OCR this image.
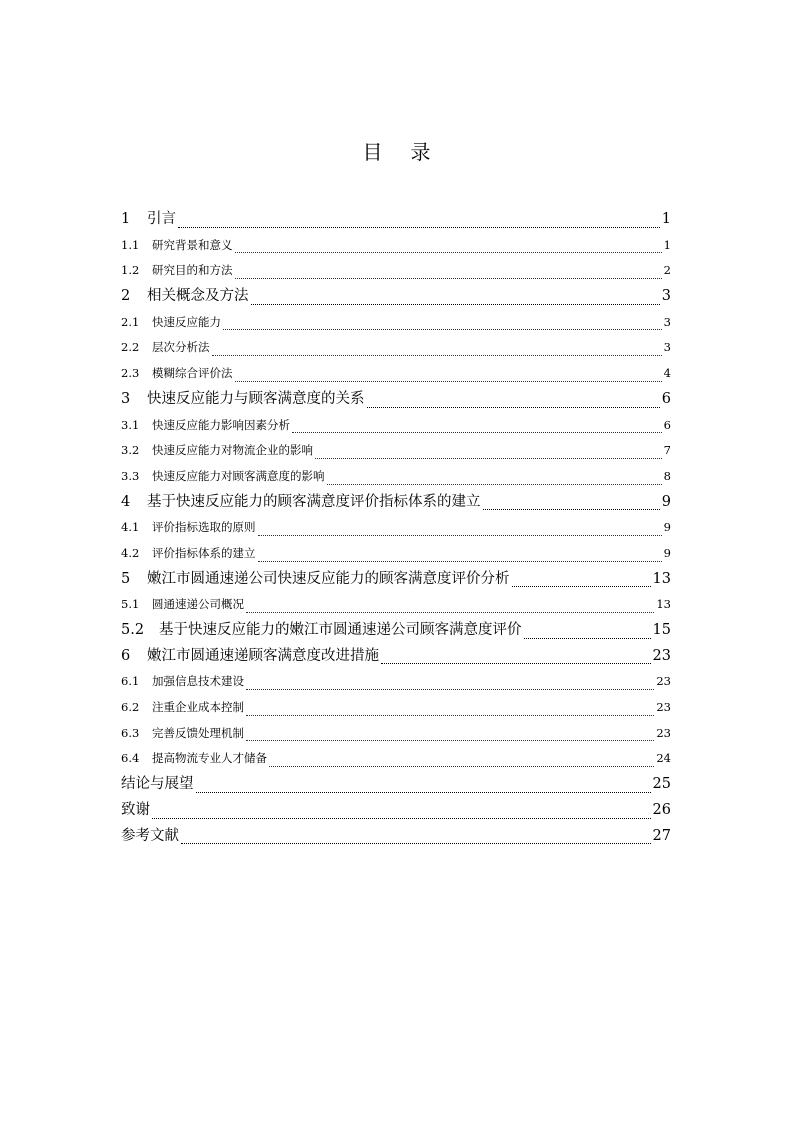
目录
1	引言	1
1.1	研究背景和意义	1
1.2	研究目的和方法	2
2	相关概念及方法	3
2.1	快速反应能力	3
2.2	层次分析法	3
2.3	模糊综合评价法	4
3	快速反应能力与顾客满意度的关系	6
3.1	快速反应能力影响因素分析	6
3.2	快速反应能力对物流企业的影响	7
3.3	快速反应能力对顾客满意度的影响	8
4	基于快速反应能力的顾客满意度评价指标体系的建立	9
4.1	评价指标选取的原则	9
4.2	评价指标体系的建立	9
5	嫩江市圆通速递公司快速反应能力的顾客满意度评价分析	13
5.1	圆通速递公司概况	13
5.2	基于快速反应能力的嫩江市圆通速递公司顾客满意度评价	15
6	嫩江市圆通速递顾客满意度改进措施	23
6.1	加强信息技术建设	23
6.2	注重企业成本控制	23
6.3	完善反馈处理机制	23
6.4	提高物流专业人才储备	24
结论与展望	25
致谢	26
参考文献	27
